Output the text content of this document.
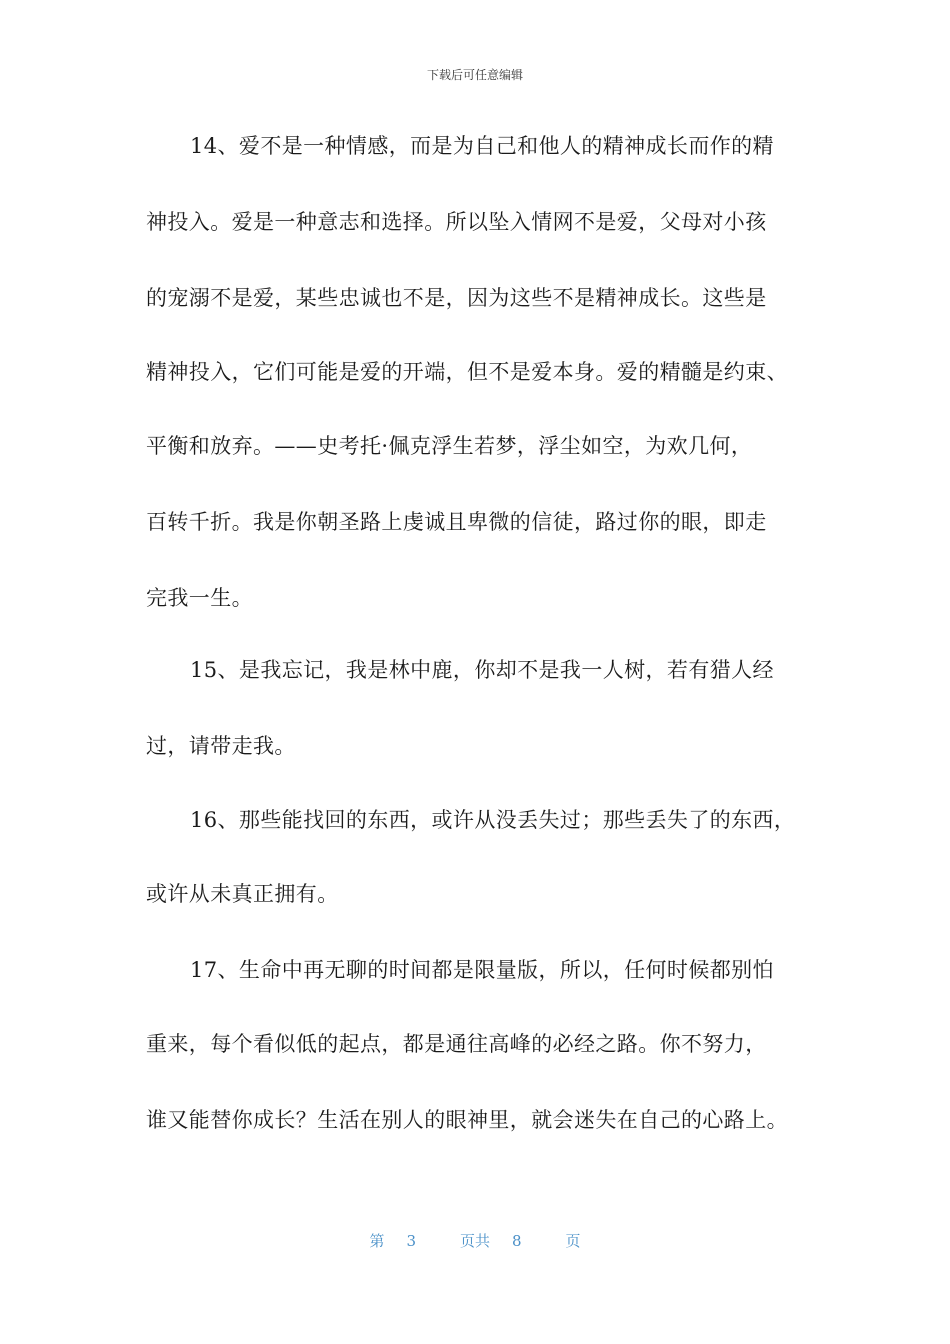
下载后可任意编辑
14、爱不是一种情感，而是为自己和他人的精神成长而作的精
神投入。爱是一种意志和选择。所以坠入情网不是爱，父母对小孩
的宠溺不是爱，某些忠诚也不是，因为这些不是精神成长。这些是
精神投入，它们可能是爱的开端，但不是爱本身。爱的精髓是约束、
平衡和放弃。——史考托·佩克浮生若梦，浮尘如空，为欢几何，
百转千折。我是你朝圣路上虔诚且卑微的信徒，路过你的眼，即走
完我一生。
15、是我忘记，我是林中鹿，你却不是我一人树，若有猎人经
过，请带走我。
16、那些能找回的东西，或许从没丢失过；那些丢失了的东西，
或许从未真正拥有。
17、生命中再无聊的时间都是限量版，所以，任何时候都别怕
重来，每个看似低的起点，都是通往高峰的必经之路。你不努力，
谁又能替你成长？生活在别人的眼神里，就会迷失在自己的心路上。
第 3	页共 8	页
